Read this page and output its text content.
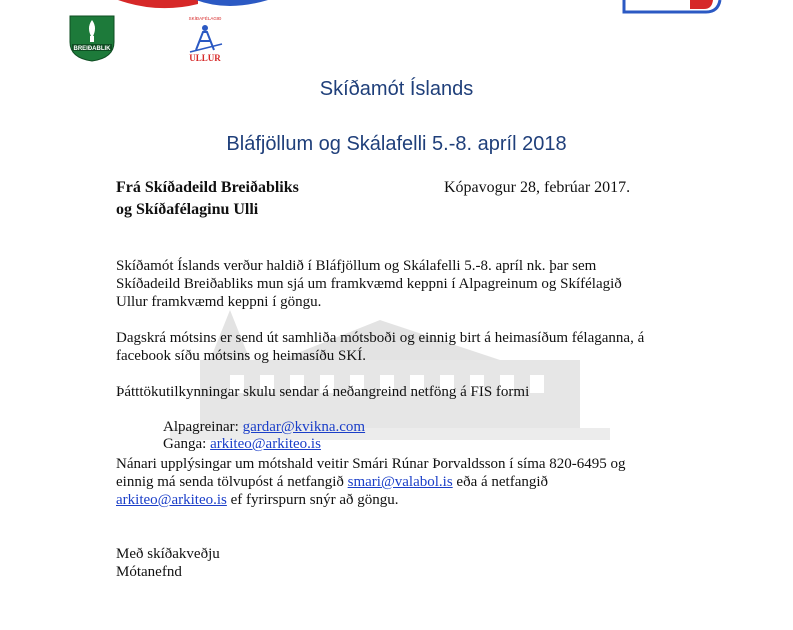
BREIÐABLIK
SKÍÐAFÉLAGIÐ
ULLUR
Skíðamót Íslands
Bláfjöllum og Skálafelli 5.-8. apríl 2018
Frá Skíðadeild Breiðabliks
og Skíðafélaginu Ulli
Kópavogur 28, febrúar 2017.
Skíðamót Íslands verður haldið í Bláfjöllum og Skálafelli 5.-8. apríl nk. þar sem
Skíðadeild Breiðabliks mun sjá um framkvæmd keppni í Alpagreinum og Skífélagið
Ullur framkvæmd keppni í göngu.
Dagskrá mótsins er send út samhliða mótsboði og einnig birt á heimasíðum félaganna, á
facebook síðu mótsins og heimasíðu SKÍ.
Þátttökutilkynningar skulu sendar á neðangreind netföng á FIS formi
Alpagreinar: gardar@kvikna.com
Ganga: arkiteo@arkiteo.is
Nánari upplýsingar um mótshald veitir Smári Rúnar Þorvaldsson í síma 820-6495 og
einnig má senda tölvupóst á netfangið smari@valabol.is eða á netfangið
arkiteo@arkiteo.is ef fyrirspurn snýr að göngu.
Með skíðakveðju
Mótanefnd
